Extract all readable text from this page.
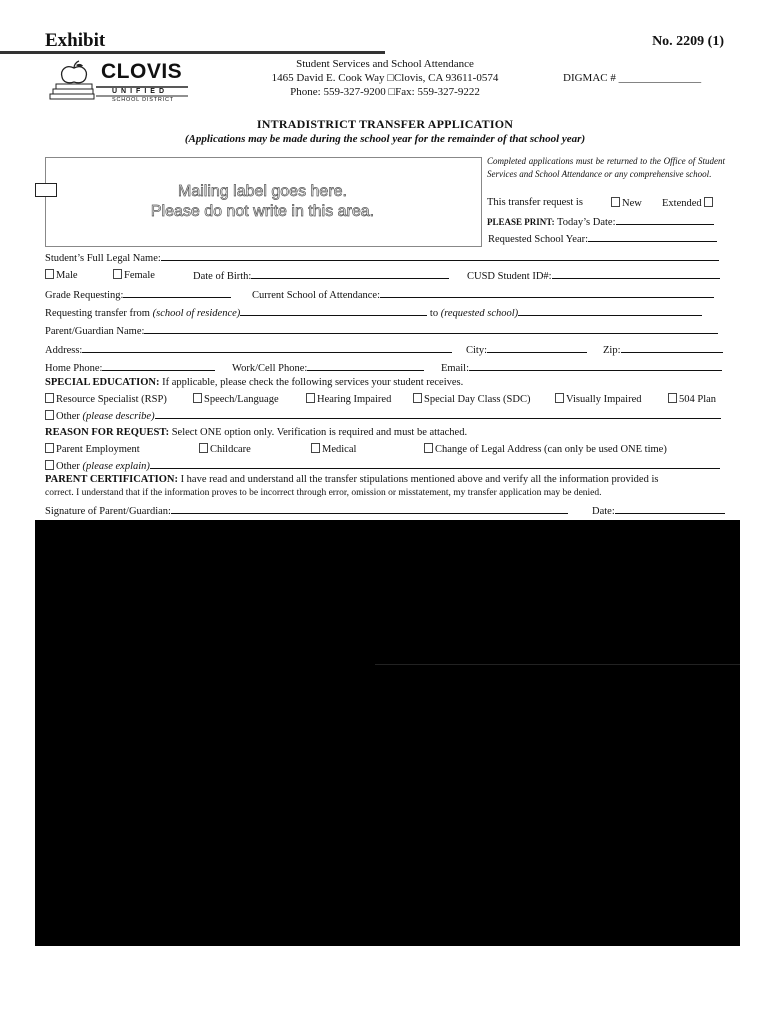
Exhibit	No. 2209 (1)
CLOVIS
UNIFIED
SCHOOL DISTRICT
Student Services and School Attendance
1465 David E. Cook Way □Clovis, CA 93611-0574
Phone: 559-327-9200 □Fax: 559-327-9222
DIGMAC # _______________
INTRADISTRICT TRANSFER APPLICATION
(Applications may be made during the school year for the remainder of that school year)
Mailing label goes here.
Please do not write in this area.
Completed applications must be returned to the Office of Student Services and School Attendance or any comprehensive school.
This transfer request is	New Extended
PLEASE PRINT: Today’s Date:
Requested School Year:
Student’s Full Legal Name:
Male	Female	Date of Birth:	CUSD Student ID#:
Grade Requesting:	Current School of Attendance:
Requesting transfer from (school of residence)	to (requested school)
Parent/Guardian Name:
Address:	City:	Zip:
Home Phone:	Work/Cell Phone:	Email:
SPECIAL EDUCATION: If applicable, please check the following services your student receives.
Resource Specialist (RSP)	Speech/Language	Hearing Impaired	Special Day Class (SDC)	Visually Impaired	504 Plan
Other (please describe)
REASON FOR REQUEST: Select ONE option only. Verification is required and must be attached.
Parent Employment	Childcare	Medical	Change of Legal Address (can only be used ONE time)
Other (please explain)
PARENT CERTIFICATION: I have read and understand all the transfer stipulations mentioned above and verify all the information provided is
correct. I understand that if the information proves to be incorrect through error, omission or misstatement, my transfer application may be denied.
Signature of Parent/Guardian:	Date:
